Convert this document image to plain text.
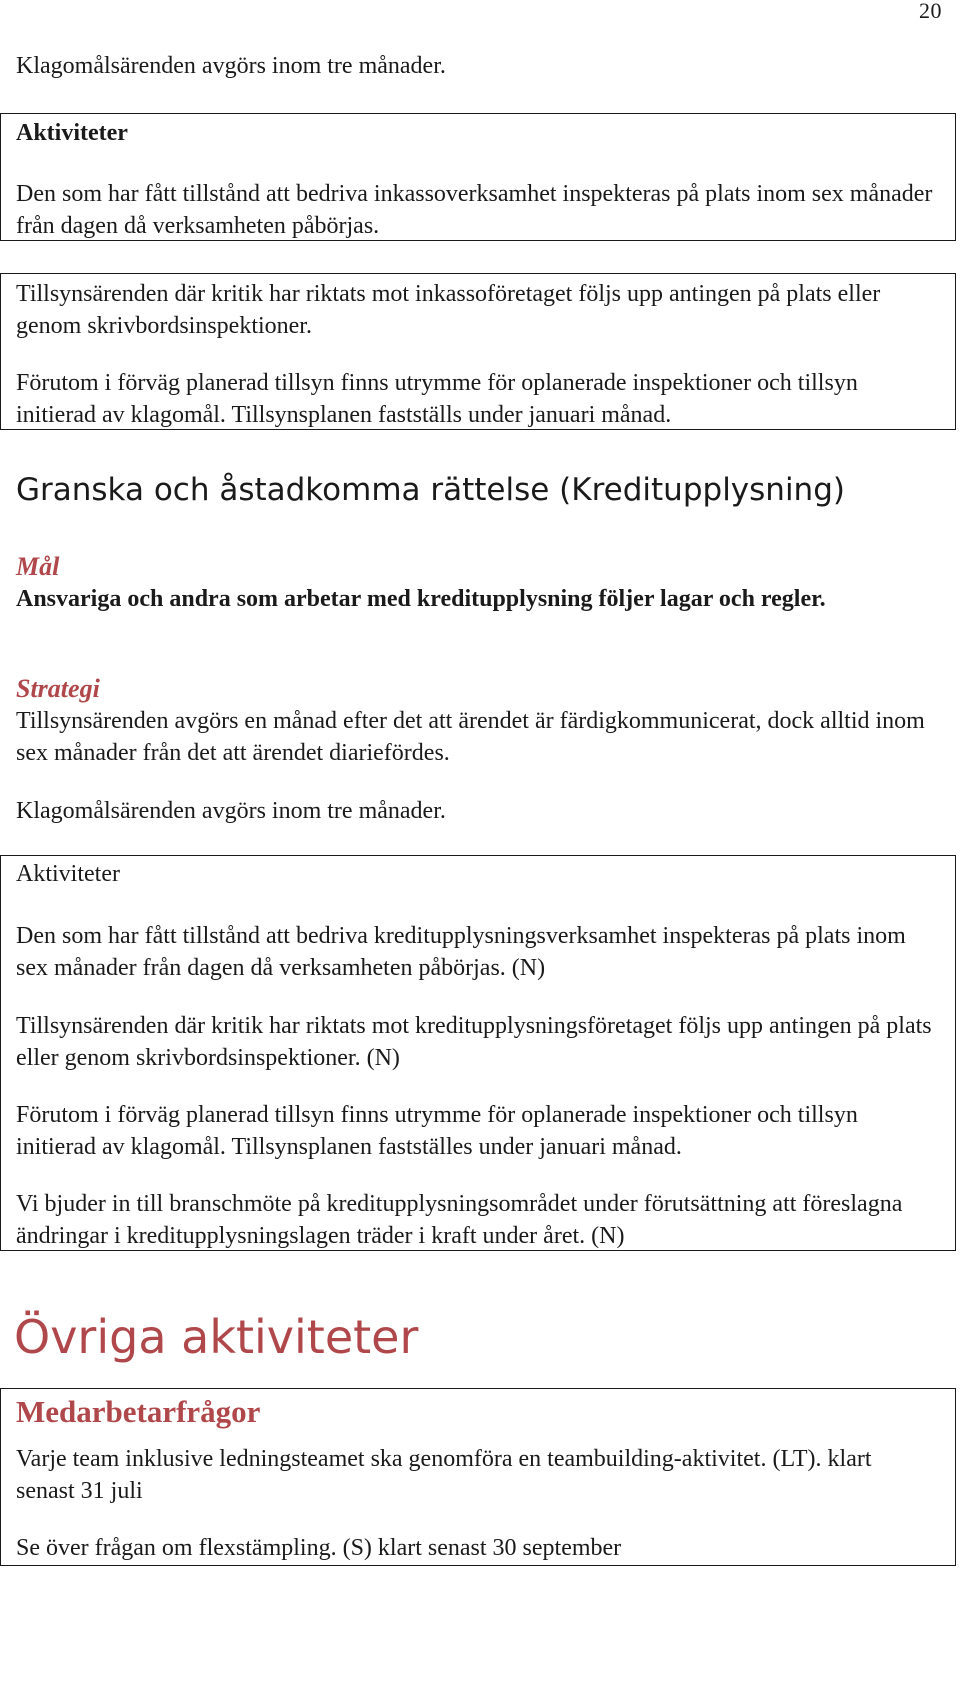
20

Klagomålsärenden avgörs inom tre månader.

Aktiviteter

Den som har fått tillstånd att bedriva inkassoverksamhet inspekteras på plats inom sex månader från dagen då verksamheten påbörjas.

Tillsynsärenden där kritik har riktats mot inkassoföretaget följs upp antingen på plats eller genom skrivbordsinspektioner.

Förutom i förväg planerad tillsyn finns utrymme för oplanerade inspektioner och tillsyn initierad av klagomål. Tillsynsplanen fastställs under januari månad.

Granska och åstadkomma rättelse (Kreditupplysning)

Mål

Ansvariga och andra som arbetar med kreditupplysning följer lagar och regler.

Strategi

Tillsynsärenden avgörs en månad efter det att ärendet är färdigkommunicerat, dock alltid inom sex månader från det att ärendet diariefördes.

Klagomålsärenden avgörs inom tre månader.

Aktiviteter

Den som har fått tillstånd att bedriva kreditupplysningsverksamhet inspekteras på plats inom sex månader från dagen då verksamheten påbörjas. (N)

Tillsynsärenden där kritik har riktats mot kreditupplysningsföretaget följs upp antingen på plats eller genom skrivbordsinspektioner. (N)

Förutom i förväg planerad tillsyn finns utrymme för oplanerade inspektioner och tillsyn initierad av klagomål. Tillsynsplanen fastställes under januari månad.

Vi bjuder in till branschmöte på kreditupplysningsområdet under förutsättning att föreslagna ändringar i kreditupplysningslagen träder i kraft under året. (N)

Övriga aktiviteter

Medarbetarfrågor

Varje team inklusive ledningsteamet ska genomföra en teambuilding-aktivitet. (LT). klart senast 31 juli

Se över frågan om flexstämpling. (S) klart senast 30 september
